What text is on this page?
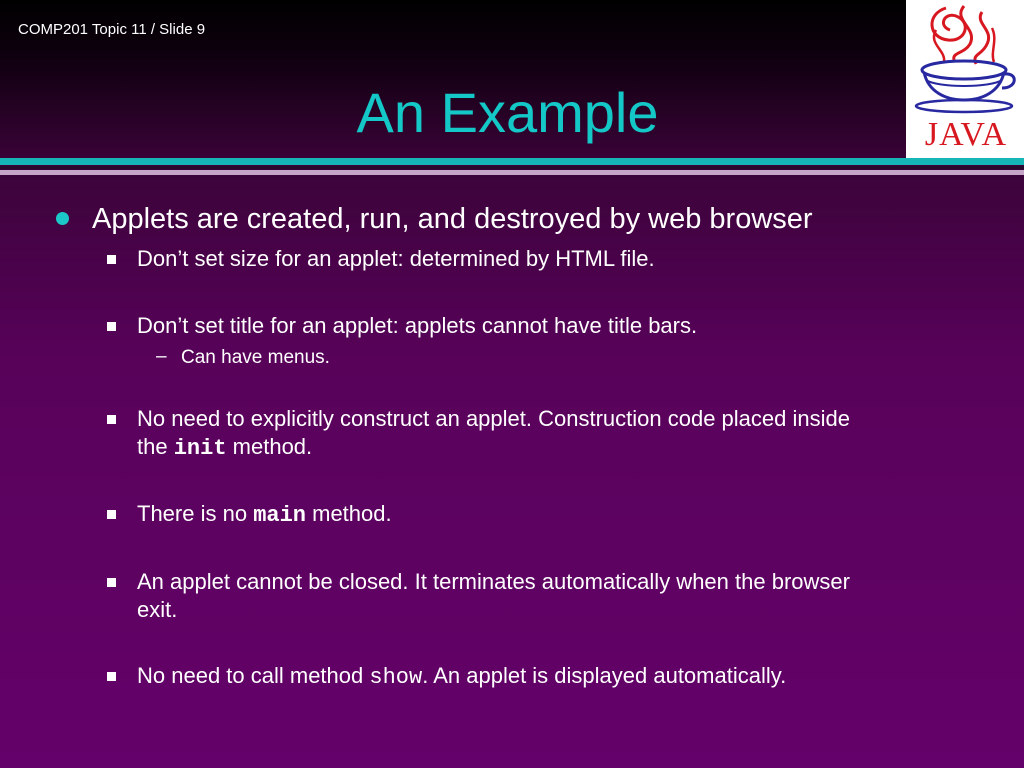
COMP201 Topic 11 / Slide 9
An Example	JAVA
Applets are created, run, and destroyed by web browser
Don’t set size for an applet: determined by HTML file.
Don’t set title for an applet: applets cannot have title bars.
– Can have menus.
No need to explicitly construct an applet. Construction code placed inside
the init method.
There is no main method.
An applet cannot be closed. It terminates automatically when the browser
exit.
No need to call method show. An applet is displayed automatically.
